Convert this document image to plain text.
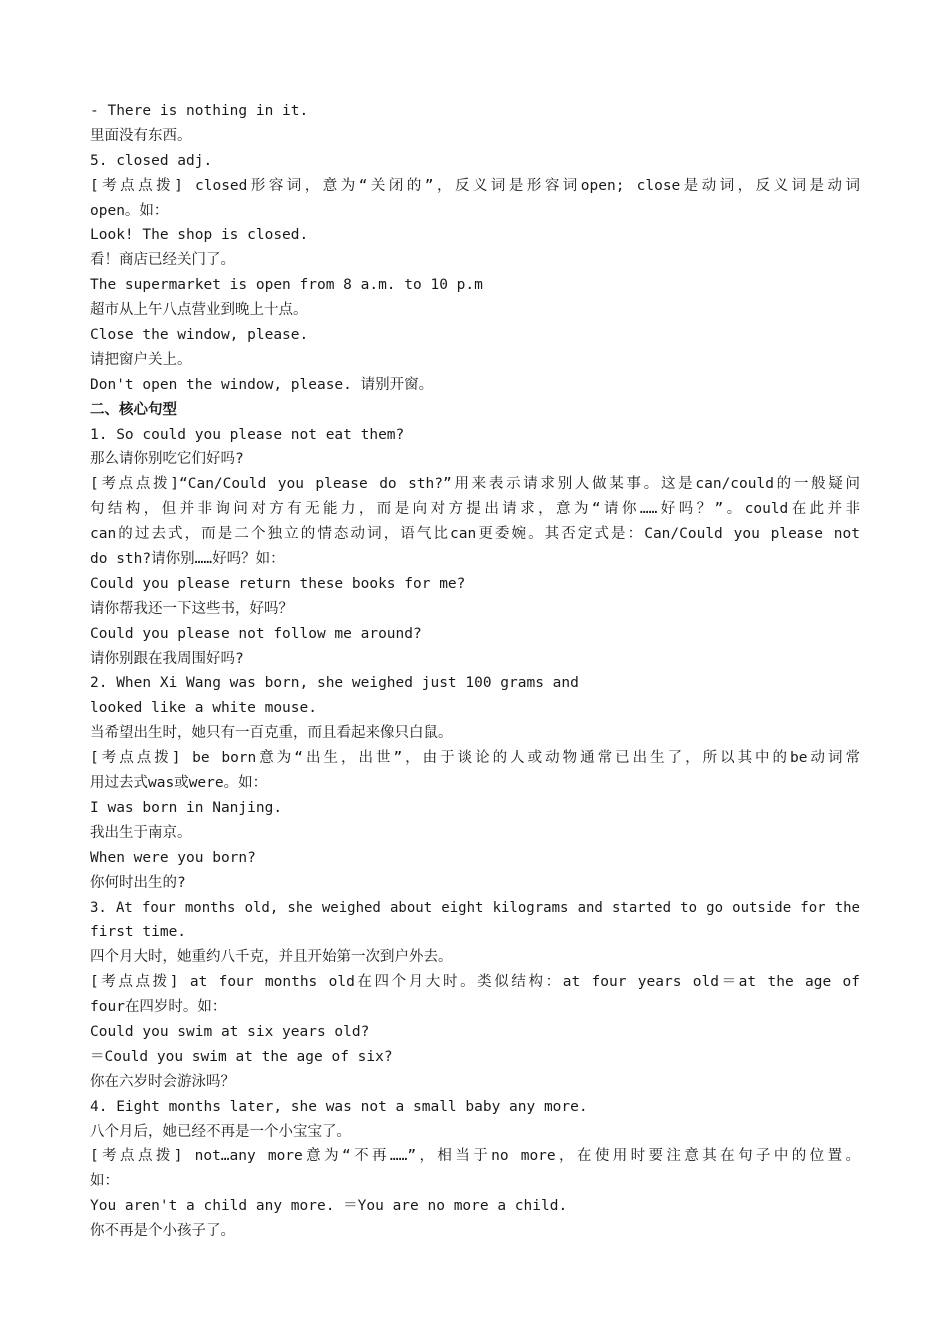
- There is nothing in it.
里面没有东西。
5. closed adj.
[考点点拨] closed形容词，意为“关闭的”，反义词是形容词open; close是动词，反义词是动词
open。如：
Look! The shop is closed.
看！商店已经关门了。
The supermarket is open from 8 a.m. to 10 p.m
超市从上午八点营业到晚上十点。
Close the window, please.
请把窗户关上。
Don't open the window, please. 请别开窗。
二、核心句型
1. So could you please not eat them?
那么请你别吃它们好吗?
[考点点拨]“Can/Could you please do sth?”用来表示请求别人做某事。这是can/could的一般疑问
句结构，但并非询问对方有无能力，而是向对方提出请求，意为“请你……好吗？”。could在此并非
can的过去式，而是二个独立的情态动词，语气比can更委婉。其否定式是：Can/Could you please not
do sth?请你别……好吗？如：
Could you please return these books for me?
请你帮我还一下这些书，好吗？
Could you please not follow me around?
请你别跟在我周围好吗?
2. When Xi Wang was born, she weighed just 100 grams and
looked like a white mouse.
当希望出生时，她只有一百克重，而且看起来像只白鼠。
[考点点拨] be born意为“出生，出世”，由于谈论的人或动物通常已出生了，所以其中的be动词常
用过去式was或were。如：
I was born in Nanjing.
我出生于南京。
When were you born?
你何时出生的?
3. At four months old, she weighed about eight kilograms and started to go outside for the
first time.
四个月大时，她重约八千克，并且开始第一次到户外去。
[考点点拨] at four months old在四个月大时。类似结构：at four years old＝at the age of
four在四岁时。如：
Could you swim at six years old?
＝Could you swim at the age of six?
你在六岁时会游泳吗？
4. Eight months later, she was not a small baby any more.
八个月后，她已经不再是一个小宝宝了。
[考点点拨] not…any more意为“不再……”，相当于no more，在使用时要注意其在句子中的位置。
如：
You aren't a child any more. ＝You are no more a child.
你不再是个小孩子了。
